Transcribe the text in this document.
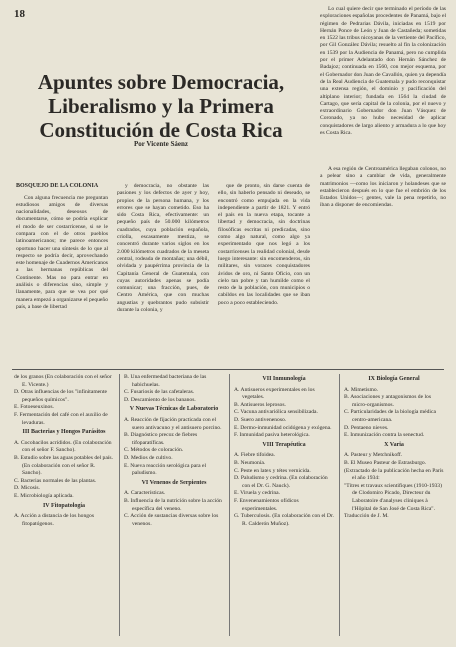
18
Apuntes sobre Democracia, Liberalismo y la Primera Constitución de Costa Rica
Por Vicente Sáenz

Lo cual quiere decir que terminado el período de las exploraciones españolas procedentes de Panamá, bajo el régimen de Pedrarias Dávila, iniciadas en 1519 por Hernán Ponce de León y Juan de Castañeda; sometidas en 1522 las tribus nicoyanas de la vertiente del Pacífico, por Gil González Dávila; resuelto al fin la colonización en 1539 por la Audiencia de Panamá, pero no cumplida por el primer Adelantado don Hernán Sánchez de Badajoz; continuada en 1560, con mejor esquema, por el Gobernador don Juan de Cavallón, quien ya dependía de la Real Audiencia de Guatemala y pudo reconquistar una extensa región, el dominio y pacificación del altiplano interior; fundada en 1564 la ciudad de Cartago, que sería capital de la colonia, por el nuevo y extraordinario Gobernador don Juan Vásquez de Coronado, ya no hubo necesidad de aplicar conquistadores de largo aliento y armadura a lo que hoy es Costa Rica.

A esa región de Centroamérica llegaban colonos, no a pelear sino a cambiar de vida, generalmente matrimonios —como los iniciaron y holandeses que se establecieron después en lo que fue el embrión de los Estados Unidos—; gentes, vale la pena repetirlo, no iban a disponer de encomiendas.

BOSQUEJO DE LA COLONIA

Con alguna frecuencia me preguntan estudiosos amigos de diversas nacionalidades, deseosos de documentarse, cómo se podría explicar el modo de ser costarricense, si se le compara con el de otros pueblos latinoamericanos; me parece entonces oportuno hacer una síntesis de lo que al respecto se podría decir, aprovechando este homenaje de Cuadernos Americanos a las hermanas repúblicas del Continente. Mas no para entrar en análisis o diferencias sino, simple y llanamente, para que se vea por qué manera empezó a organizarse el pequeño país, a base de libertad

y democracia, no obstante las pasiones y los defectos de ayer y hoy, propios de la persona humana, y los errores que se hayan cometido. Eso ha sido Costa Rica, efectivamente: un pequeño país de 50.000 kilómetros cuadrados, cuya población española, criolla, escasamente mestiza, se concentró durante varios siglos en los 2.000 kilómetros cuadrados de la meseta central, rodeada de montañas; una débil, olvidada y paupérrima provincia de la Capitanía General de Guatemala, con cuyas autoridades apenas se podía comunicar; una fracción, pues, de Centro América, que con muchas angustias y quebrantos pudo subsistir durante la colonia, y

que de pronto, sin darse cuenta de ello, sin haberlo pensado ni deseado, se encontró como empujada en la vida independiente a partir de 1821. Y entró el país en la nueva etapa, tocante a libertad y democracia, sin doctrinas filosóficas escritas ni predicadas, sino como algo natural, como algo ya experimentado que nos legó a los costarricenses la realidad colonial, desde luego interesante: sin encomenderos, sin militares, sin voraces conquistadores ávidos de oro, ni Santo Oficio, con un cielo tan pobre y tan humilde como el resto de la población, con municipios o cabildos en las localidades que se iban poco a poco estableciendo.

de los granos (En colaboración con el señor E. Vicente.)

D. Otras influencias de los "infinitamente pequeños químicos".

E. Fotoeseuxinos.

F. Fermentación del café con el auxilio de levaduras.

III Bacterias y Hongos Parásitos

A. Cocobacilos acrídidos. (En colaboración con el señor F. Sancho).

B. Estudio sobre las aguas potables del país. (En colaboración con el señor R. Sancho).

C. Bacterias normales de las plantas.

D. Micosis.

E. Microbiología aplicada.

IV Fitopatología

A. Acción a distancia de los hongos fitopatógenos.

B. Una enfermedad bacteriana de las habichuelas.

C. Fusariosis de las cafetaleras.

D. Descamiento de los bananos.

V Nuevas Técnicas de Laboratorio

A. Reacción de fijación practicada con el suero antivacuno y el antisuero porcino.

B. Diagnóstico precoz de fiebres tifoparatíficas.

C. Métodos de coloración.

D. Medios de cultivo.

E. Nueva reacción serológica para el paludismo.

VI Venenos de Serpientes

A. Características.

B. Influencia de la nutrición sobre la acción específica del veneno.

C. Acción de sustancias diversas sobre los venenos.

VII Inmunología

A. Antisueros experimentales en los vegetales.

B. Antisueros leprosos.

C. Vacuna antivariólica sensibilizada.

D. Suero antivenenoso.

E. Dermo-inmunidad ocidógena y exógena.

F. Inmunidad pasiva heterológica.

VIII Terapéutica

A. Fiebre tifoidea.

B. Neumonía.

C. Peste en latex y tétes vernicida.

D. Paludismo y cedrina. (En colaboración con el Dr. G. Nauck).

E. Viruela y cedrina.

F. Envenenamientos ofídicos experimentales.

G. Tuberculosis. (En colaboración con el Dr. R. Calderón Muñoz).

IX Biología General

A. Mimetismo.

B. Asociaciones y antagonismos de los micro-organismos.

C. Particularidades de la biología médica centro-americana.

D. Pentaeno nieves.

E. Inmunización contra la senectud.

X Varia

A. Pasteur y Metchnikoff.

B. El Museo Pasteur de Estrasburgo.

(Extractado de la publicación hecha en París el año 1934:

"Títres et travaux scientifiques (1910-1933) de Clodomiro Picado, Directeur du Laboratoire d'analyses cliniques à l'Hôpital de San José de Costa Rica".

Traducción de J. M.
